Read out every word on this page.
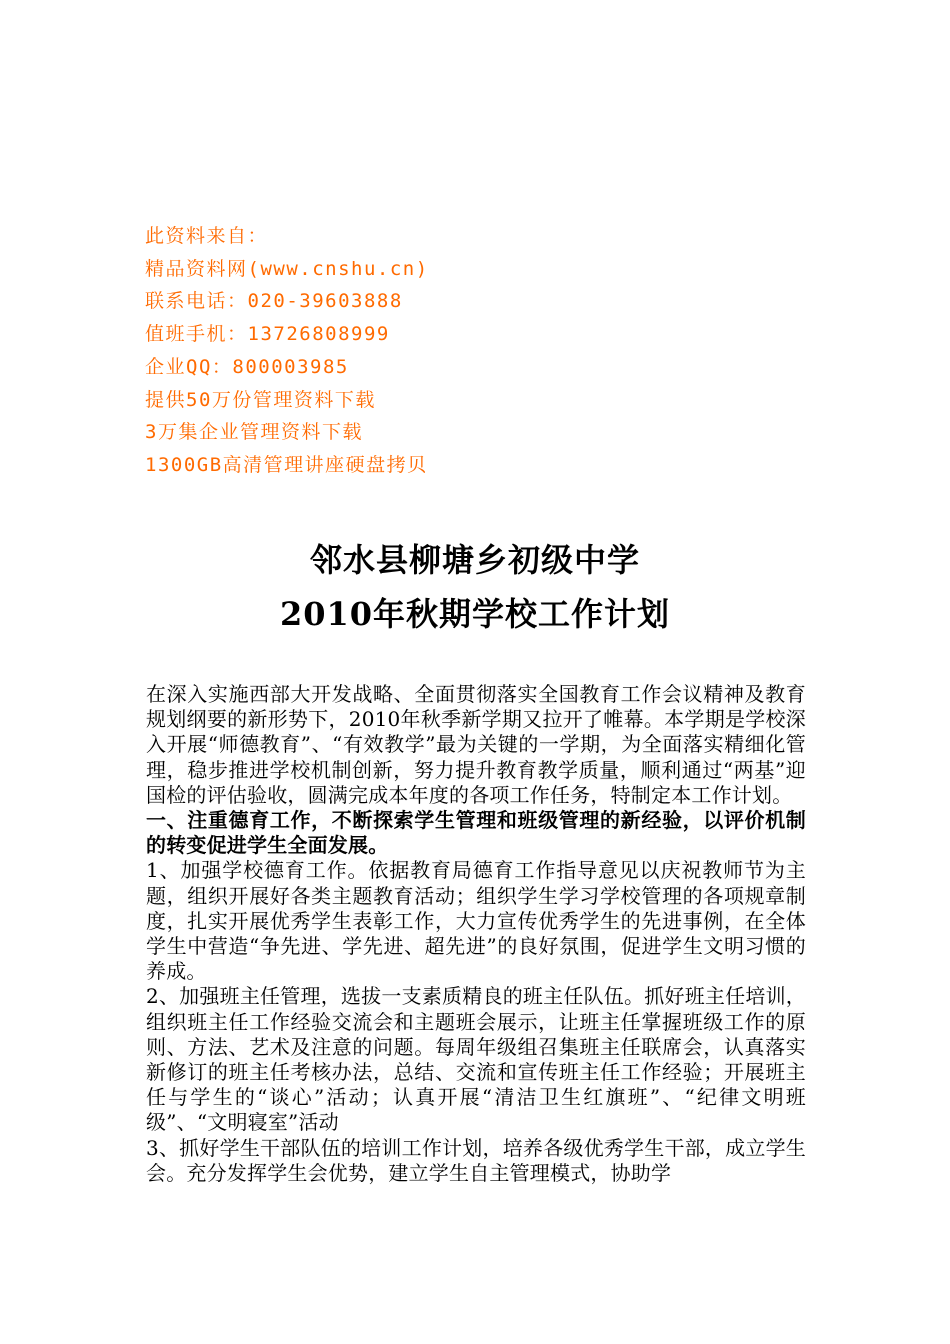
此资料来自：
精品资料网(www.cnshu.cn)
联系电话：020-39603888
值班手机：13726808999
企业QQ：800003985
提供50万份管理资料下载
3万集企业管理资料下载
1300GB高清管理讲座硬盘拷贝
邻水县柳塘乡初级中学
2010年秋期学校工作计划

在深入实施西部大开发战略、全面贯彻落实全国教育工作会议精神及教育规划纲要的新形势下，2010年秋季新学期又拉开了帷幕。本学期是学校深入开展“师德教育”、“有效教学”最为关键的一学期，为全面落实精细化管理，稳步推进学校机制创新，努力提升教育教学质量，顺利通过“两基”迎国检的评估验收，圆满完成本年度的各项工作任务，特制定本工作计划。

一、注重德育工作，不断探索学生管理和班级管理的新经验，以评价机制的转变促进学生全面发展。

1、加强学校德育工作。依据教育局德育工作指导意见以庆祝教师节为主题，组织开展好各类主题教育活动；组织学生学习学校管理的各项规章制度，扎实开展优秀学生表彰工作，大力宣传优秀学生的先进事例，在全体学生中营造“争先进、学先进、超先进”的良好氛围，促进学生文明习惯的养成。

2、加强班主任管理，选拔一支素质精良的班主任队伍。抓好班主任培训，组织班主任工作经验交流会和主题班会展示，让班主任掌握班级工作的原则、方法、艺术及注意的问题。每周年级组召集班主任联席会，认真落实新修订的班主任考核办法，总结、交流和宣传班主任工作经验；开展班主任与学生的“谈心”活动；认真开展“清洁卫生红旗班”、“纪律文明班级”、“文明寝室”活动

3、抓好学生干部队伍的培训工作计划，培养各级优秀学生干部，成立学生会。充分发挥学生会优势，建立学生自主管理模式，协助学
